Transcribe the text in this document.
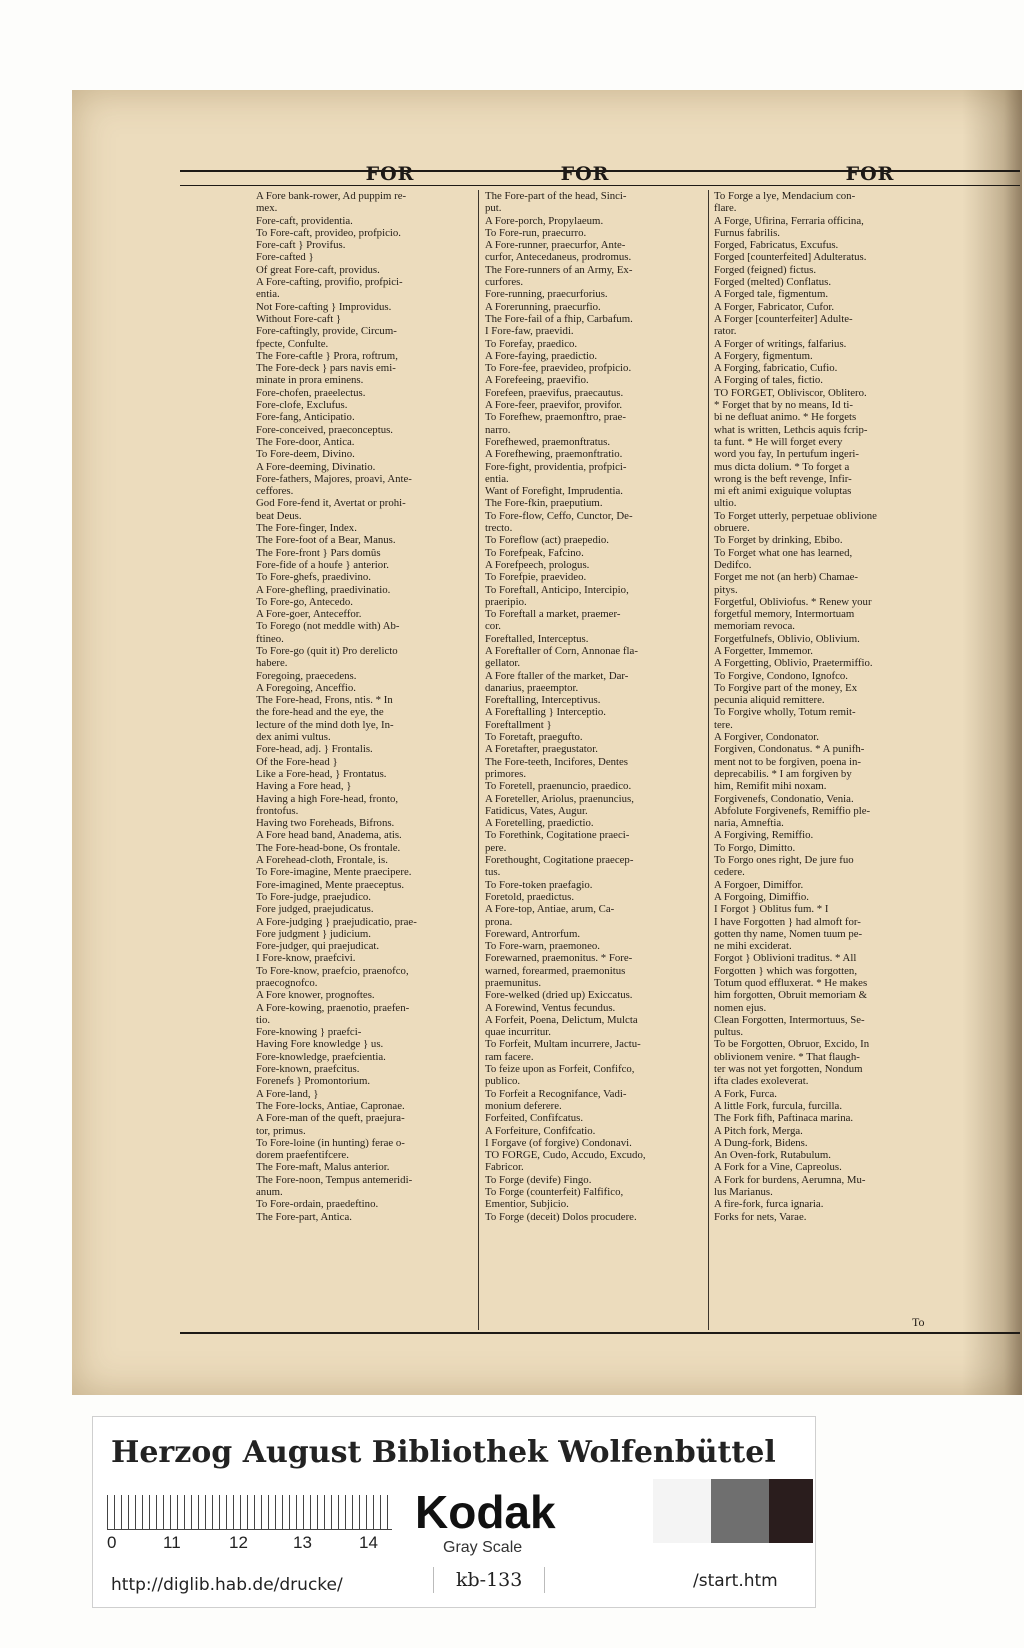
FOR	FOR	FOR
A Fore bank-rower, Ad puppim re-
mex.
Fore-caft, providentia.
To Fore-caft, provideo, profpicio.
Fore-caft } Provifus.
Fore-cafted }
Of great Fore-caft, providus.
A Fore-cafting, provifio, profpici-
entia.
Not Fore-cafting } Improvidus.
Without Fore-caft }
Fore-caftingly, provide, Circum-
fpecte, Confulte.
The Fore-caftle } Prora, roftrum,
The Fore-deck } pars navis emi-
minate in prora eminens.
Fore-chofen, praeelectus.
Fore-clofe, Exclufus.
Fore-fang, Anticipatio.
Fore-conceived, praeconceptus.
The Fore-door, Antica.
To Fore-deem, Divino.
A Fore-deeming, Divinatio.
Fore-fathers, Majores, proavi, Ante-
ceffores.
God Fore-fend it, Avertat or prohi-
beat Deus.
The Fore-finger, Index.
The Fore-foot of a Bear, Manus.
The Fore-front } Pars domûs
Fore-fide of a houfe } anterior.
To Fore-ghefs, praedivino.
A Fore-ghefling, praedivinatio.
To Fore-go, Antecedo.
A Fore-goer, Anteceffor.
To Forego (not meddle with) Ab-
ftineo.
To Fore-go (quit it) Pro derelicto
habere.
Foregoing, praecedens.
A Foregoing, Anceffio.
The Fore-head, Frons, ntis. * In
the fore-head and the eye, the
lecture of the mind doth lye, In-
dex animi vultus.
Fore-head, adj. } Frontalis.
Of the Fore-head }
Like a Fore-head, } Frontatus.
Having a Fore head, }
Having a high Fore-head, fronto,
frontofus.
Having two Foreheads, Bifrons.
A Fore head band, Anadema, atis.
The Fore-head-bone, Os frontale.
A Forehead-cloth, Frontale, is.
To Fore-imagine, Mente praecipere.
Fore-imagined, Mente praeceptus.
To Fore-judge, praejudico.
Fore judged, praejudicatus.
A Fore-judging } praejudicatio, prae-
Fore judgment } judicium.
Fore-judger, qui praejudicat.
I Fore-know, praefcivi.
To Fore-know, praefcio, praenofco,
praecognofco.
A Fore knower, prognoftes.
A Fore-kowing, praenotio, praefen-
tio.
Fore-knowing } praefci-
Having Fore knowledge } us.
Fore-knowledge, praefcientia.
Fore-known, praefcitus.
Forenefs } Promontorium.
A Fore-land, }
The Fore-locks, Antiae, Capronae.
A Fore-man of the queft, praejura-
tor, primus.
To Fore-loine (in hunting) ferae o-
dorem praefentifcere.
The Fore-maft, Malus anterior.
The Fore-noon, Tempus antemeridi-
anum.
To Fore-ordain, praedeftino.
The Fore-part, Antica.
The Fore-part of the head, Sinci-
put.
A Fore-porch, Propylaeum.
To Fore-run, praecurro.
A Fore-runner, praecurfor, Ante-
curfor, Antecedaneus, prodromus.
The Fore-runners of an Army, Ex-
curfores.
Fore-running, praecurforius.
A Forerunning, praecurfio.
The Fore-fail of a fhip, Carbafum.
I Fore-faw, praevidi.
To Forefay, praedico.
A Fore-faying, praedictio.
To Fore-fee, praevideo, profpicio.
A Forefeeing, praevifio.
Forefeen, praevifus, praecautus.
A Fore-feer, praevifor, provifor.
To Forefhew, praemonftro, prae-
narro.
Forefhewed, praemonftratus.
A Forefhewing, praemonftratio.
Fore-fight, providentia, profpici-
entia.
Want of Forefight, Imprudentia.
The Fore-fkin, praeputium.
To Fore-flow, Ceffo, Cunctor, De-
trecto.
To Foreflow (act) praepedio.
To Forefpeak, Fafcino.
A Forefpeech, prologus.
To Forefpie, praevideo.
To Foreftall, Anticipo, Intercipio,
praeripio.
To Foreftall a market, praemer-
cor.
Foreftalled, Interceptus.
A Foreftaller of Corn, Annonae fla-
gellator.
A Fore ftaller of the market, Dar-
danarius, praeemptor.
Foreftalling, Interceptivus.
A Foreftalling } Interceptio.
Foreftallment }
To Foretaft, praegufto.
A Foretafter, praegustator.
The Fore-teeth, Incifores, Dentes
primores.
To Foretell, praenuncio, praedico.
A Foreteller, Ariolus, praenuncius,
Fatidicus, Vates, Augur.
A Foretelling, praedictio.
To Forethink, Cogitatione praeci-
pere.
Forethought, Cogitatione praecep-
tus.
To Fore-token praefagio.
Foretold, praedictus.
A Fore-top, Antiae, arum, Ca-
prona.
Foreward, Antrorfum.
To Fore-warn, praemoneo.
Forewarned, praemonitus. * Fore-
warned, forearmed, praemonitus
praemunitus.
Fore-welked (dried up) Exiccatus.
A Forewind, Ventus fecundus.
A Forfeit, Poena, Delictum, Mulcta
quae incurritur.
To Forfeit, Multam incurrere, Jactu-
ram facere.
To feize upon as Forfeit, Confifco,
publico.
To Forfeit a Recognifance, Vadi-
monium deferere.
Forfeited, Confifcatus.
A Forfeiture, Confifcatio.
I Forgave (of forgive) Condonavi.
TO FORGE, Cudo, Accudo, Excudo,
Fabricor.
To Forge (devife) Fingo.
To Forge (counterfeit) Falfifico,
Ementior, Subjicio.
To Forge (deceit) Dolos procudere.
To Forge a lye, Mendacium con-
flare.
A Forge, Ufirina, Ferraria officina,
Furnus fabrilis.
Forged, Fabricatus, Excufus.
Forged [counterfeited] Adulteratus.
Forged (feigned) fictus.
Forged (melted) Conflatus.
A Forged tale, figmentum.
A Forger, Fabricator, Cufor.
A Forger [counterfeiter] Adulte-
rator.
A Forger of writings, falfarius.
A Forgery, figmentum.
A Forging, fabricatio, Cufio.
A Forging of tales, fictio.
TO FORGET, Obliviscor, Oblitero.
* Forget that by no means, Id ti-
bi ne defluat animo. * He forgets
what is written, Lethcis aquis fcrip-
ta funt. * He will forget every
word you fay, In pertufum ingeri-
mus dicta dolium. * To forget a
wrong is the beft revenge, Infir-
mi eft animi exiguique voluptas
ultio.
To Forget utterly, perpetuae oblivione
obruere.
To Forget by drinking, Ebibo.
To Forget what one has learned,
Dedifco.
Forget me not (an herb) Chamae-
pitys.
Forgetful, Obliviofus. * Renew your
forgetful memory, Intermortuam
memoriam revoca.
Forgetfulnefs, Oblivio, Oblivium.
A Forgetter, Immemor.
A Forgetting, Oblivio, Praetermiffio.
To Forgive, Condono, Ignofco.
To Forgive part of the money, Ex
pecunia aliquid remittere.
To Forgive wholly, Totum remit-
tere.
A Forgiver, Condonator.
Forgiven, Condonatus. * A punifh-
ment not to be forgiven, poena in-
deprecabilis. * I am forgiven by
him, Remifit mihi noxam.
Forgivenefs, Condonatio, Venia.
Abfolute Forgivenefs, Remiffio ple-
naria, Amneftia.
A Forgiving, Remiffio.
To Forgo, Dimitto.
To Forgo ones right, De jure fuo
cedere.
A Forgoer, Dimiffor.
A Forgoing, Dimiffio.
I Forgot } Oblitus fum. * I
I have Forgotten } had almoft for-
gotten thy name, Nomen tuum pe-
ne mihi exciderat.
Forgot } Oblivioni traditus. * All
Forgotten } which was forgotten,
Totum quod effluxerat. * He makes
him forgotten, Obruit memoriam &
nomen ejus.
Clean Forgotten, Intermortuus, Se-
pultus.
To be Forgotten, Obruor, Excido, In
oblivionem venire. * That flaugh-
ter was not yet forgotten, Nondum
ifta clades exoleverat.
A Fork, Furca.
A little Fork, furcula, furcilla.
The Fork fifh, Paftinaca marina.
A Pitch fork, Merga.
A Dung-fork, Bidens.
An Oven-fork, Rutabulum.
A Fork for a Vine, Capreolus.
A Fork for burdens, Aerumna, Mu-
lus Marianus.
A fire-fork, furca ignaria.
Forks for nets, Varae.
To
Herzog August Bibliothek Wolfenbüttel
0	11	12	13	14
Kodak
Gray Scale
http://diglib.hab.de/drucke/	kb-133	/start.htm
